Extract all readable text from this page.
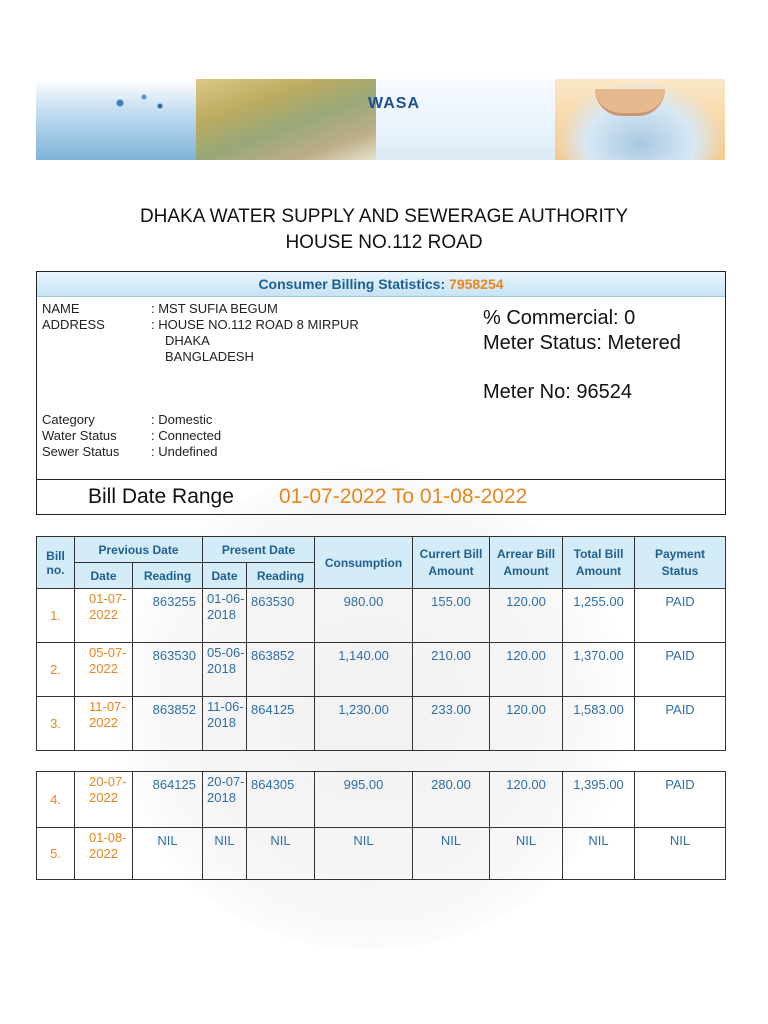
WASA
DHAKA WATER SUPPLY AND SEWERAGE AUTHORITY
HOUSE NO.112 ROAD
Consumer Billing Statistics: 7958254
NAME	: MST SUFIA BEGUM
ADDRESS	: HOUSE NO.112 ROAD 8 MIRPUR
DHAKA
BANGLADESH
Category	: Domestic
Water Status	: Connected
Sewer Status : Undefined
% Commercial: 0
Meter Status: Metered
Meter No: 96524
Bill Date Range 01-07-2022 To 01-08-2022
Bill no.	Previous Date		Present Date		Consumption	Currert Bill Amount	Arrear Bill Amount	Total Bill Amount	Payment Status
	Date	Reading	Date	Reading					
1.	01-07-2022	863255	01-06-2018	863530	980.00	155.00	120.00	1,255.00	PAID
2.	05-07-2022	863530	05-06-2018	863852	1,140.00	210.00	120.00	1,370.00	PAID
3.	11-07-2022	863852	11-06-2018	864125	1,230.00	233.00	120.00	1,583.00	PAID
4.	20-07-2022	864125	20-07-2018	864305	995.00	280.00	120.00	1,395.00	PAID
5.	01-08-2022	NIL	NIL	NIL	NIL	NIL	NIL	NIL	NIL
